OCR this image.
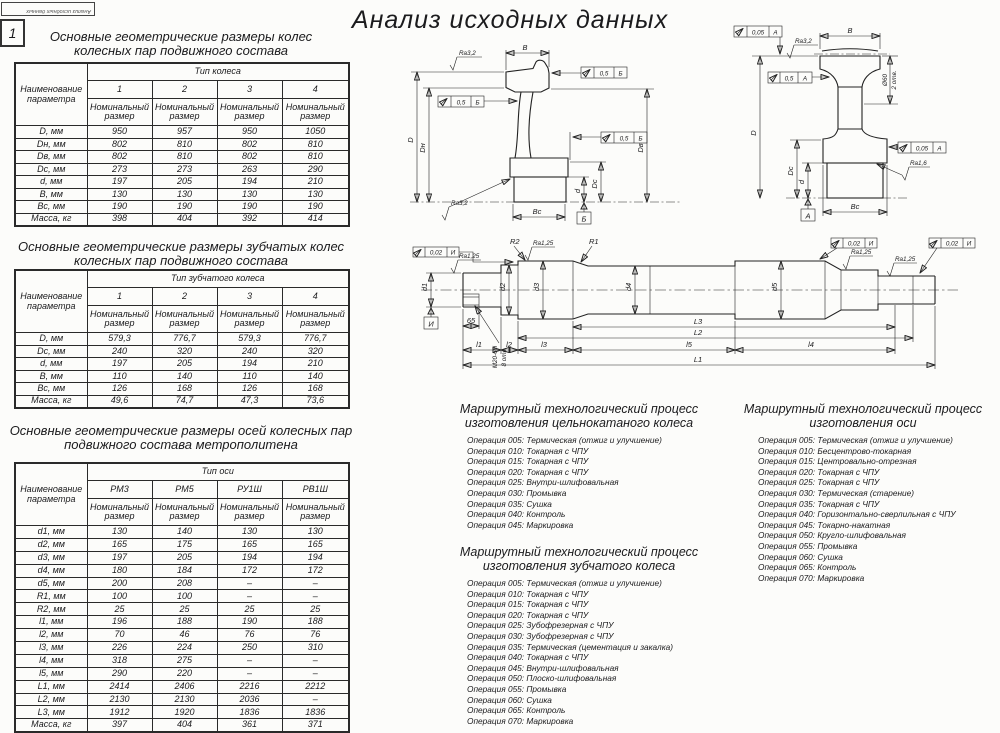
Анализ исходных данных
1	Анализ исходных данных
Основные геометрические размеры колес
колесных пар подвижного состава
Наименование параметра	Тип колеса			
	1	2	3	4
	Номинальный размер	Номинальный размер	Номинальный размер	Номинальный размер
D, мм	950	957	950	1050
Dн, мм	802	810	802	810
Dв, мм	802	810	802	810
Dс, мм	273	273	263	290
d, мм	197	205	194	210
B, мм	130	130	130	130
Bс, мм	190	190	190	190
Масса, кг	398	404	392	414
Основные геометрические размеры зубчатых колес
колесных пар подвижного состава
Наименование параметра	Тип зубчатого колеса			
	1	2	3	4
	Номинальный размер	Номинальный размер	Номинальный размер	Номинальный размер
D, мм	579,3	776,7	579,3	776,7
Dс, мм	240	320	240	320
d, мм	197	205	194	210
B, мм	110	140	110	140
Bс, мм	126	168	126	168
Масса, кг	49,6	74,7	47,3	73,6
Основные геометрические размеры осей колесных пар
подвижного состава метрополитена
Наименование параметра	Тип оси			
	РМ3	РМ5	РУ1Ш	РВ1Ш
	Номинальный размер	Номинальный размер	Номинальный размер	Номинальный размер
d1, мм	130	140	130	130
d2, мм	165	175	165	165
d3, мм	197	205	194	194
d4, мм	180	184	172	172
d5, мм	200	208	–	–
R1, мм	100	100	–	–
R2, мм	25	25	25	25
l1, мм	196	188	190	188
l2, мм	70	46	76	76
l3, мм	226	224	250	310
l4, мм	318	275	–	–
l5, мм	290	220	–	–
L1, мм	2414	2406	2216	2212
L2, мм	2130	2130	2036	–
L3, мм	1912	1920	1836	1836
Масса, кг	397	404	361	371
B
D
Dн	Dв
Dс
d
Б
Bс
0,5 Б
0,5 Б
0,5 Б
Ra3,2
Ra3,2
B
Ø60 2 отв.
D
Dс
d
А
Bс
0,05 А
0,5 А
0,05 А
Ra3,2
Ra1,6
М20-6Н 8 отв.
65
d1
И
d2	d3	d4	d5
R2	R1
Ra1,25
Ra1,25
Ra1,25
Ra1,25
0,02 И
0,02 И	0,02 И
L3
L2
l1	l2	l3	l5	l4
L1
Маршрутный технологический процесс
изготовления цельнокатаного колеса
Операция 005: Термическая (отжиг и улучшение)
Операция 010: Токарная с ЧПУ
Операция 015: Токарная с ЧПУ
Операция 020: Токарная с ЧПУ
Операция 025: Внутри-шлифовальная
Операция 030: Промывка
Операция 035: Сушка
Операция 040: Контроль
Операция 045: Маркировка
Маршрутный технологический процесс
изготовления зубчатого колеса
Операция 005: Термическая (отжиг и улучшение)
Операция 010: Токарная с ЧПУ
Операция 015: Токарная с ЧПУ
Операция 020: Токарная с ЧПУ
Операция 025: Зубофрезерная с ЧПУ
Операция 030: Зубофрезерная с ЧПУ
Операция 035: Термическая (цементация и закалка)
Операция 040: Токарная с ЧПУ
Операция 045: Внутри-шлифовальная
Операция 050: Плоско-шлифовальная
Операция 055: Промывка
Операция 060: Сушка
Операция 065: Контроль
Операция 070: Маркировка
Маршрутный технологический процесс
изготовления оси
Операция 005: Термическая (отжиг и улучшение)
Операция 010: Бесцентрово-токарная
Операция 015: Центровально-отрезная
Операция 020: Токарная с ЧПУ
Операция 025: Токарная с ЧПУ
Операция 030: Термическая (старение)
Операция 035: Токарная с ЧПУ
Операция 040: Горизонтально-сверлильная с ЧПУ
Операция 045: Токарно-накатная
Операция 050: Кругло-шлифовальная
Операция 055: Промывка
Операция 060: Сушка
Операция 065: Контроль
Операция 070: Маркировка
